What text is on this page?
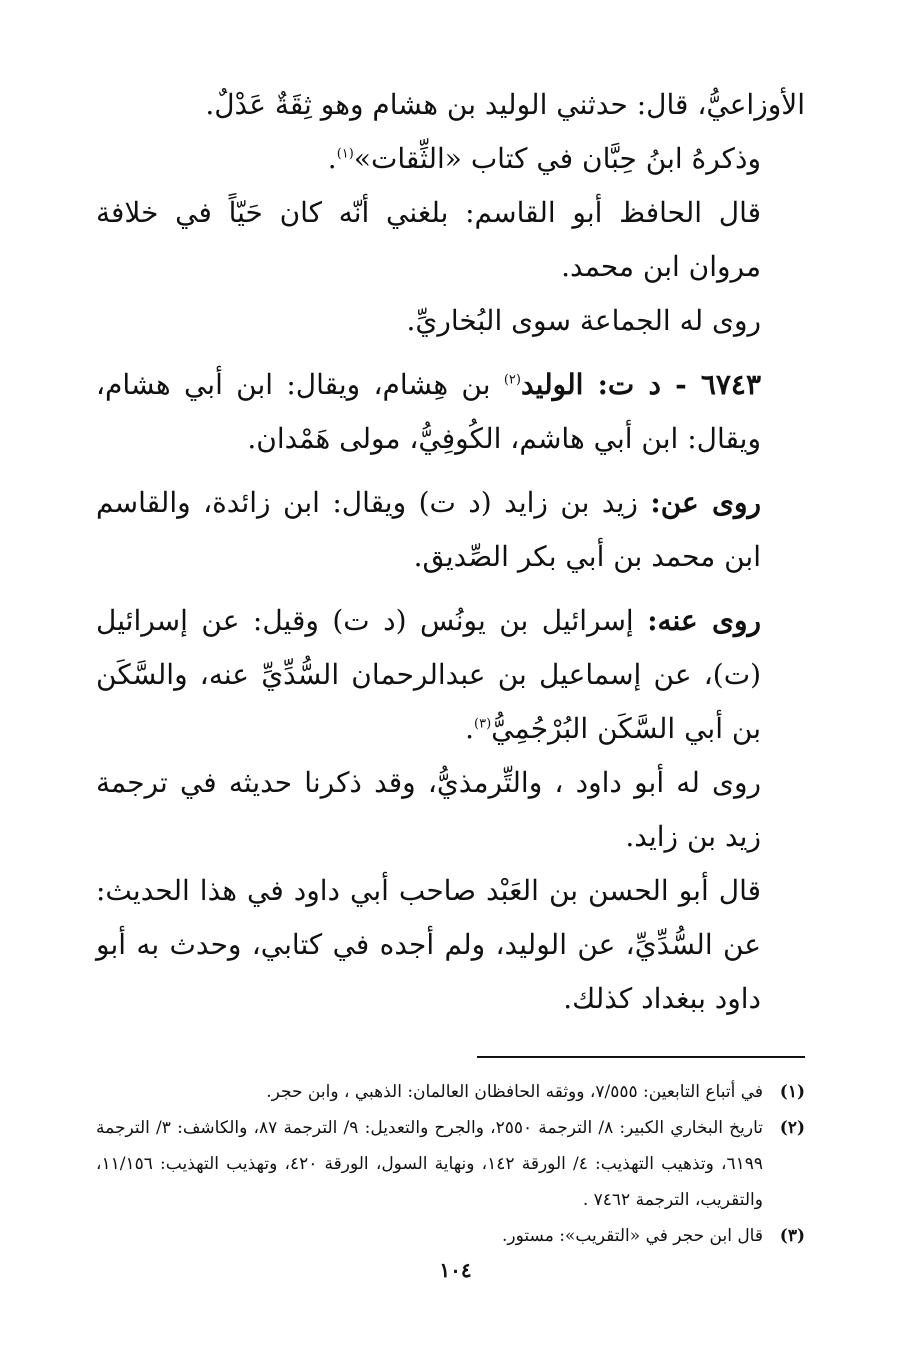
الأوزاعيُّ، قال: حدثني الوليد بن هشام وهو ثِقَةٌ عَدْلٌ.

وذكرهُ ابنُ حِبَّان في كتاب «الثِّقات»$^{(١)}$.

قال الحافظ أبو القاسم: بلغني أنّه كان حَيّاً في خلافة مروان ابن محمد.

روى له الجماعة سوى البُخاريِّ.

٦٧٤٣ - د ت: الوليد$^{(٢)}$ بن هِشام، ويقال: ابن أبي هشام، ويقال: ابن أبي هاشم، الكُوفِيُّ، مولى هَمْدان.

روى عن: زيد بن زايد (د ت) ويقال: ابن زائدة، والقاسم ابن محمد بن أبي بكر الصِّديق.

روى عنه: إسرائيل بن يونُس (د ت) وقيل: عن إسرائيل (ت)، عن إسماعيل بن عبدالرحمان السُّدِّيِّ عنه، والسَّكَن بن أبي السَّكَن البُرْجُمِيُّ$^{(٣)}$.

روى له أبو داود ، والتِّرمذيُّ، وقد ذكرنا حديثه في ترجمة زيد بن زايد.

قال أبو الحسن بن العَبْد صاحب أبي داود في هذا الحديث: عن السُّدِّيِّ، عن الوليد، ولم أجده في كتابي، وحدث به أبو داود ببغداد كذلك.

(١)
في أتباع التابعين: ٧/٥٥٥، ووثقه الحافظان العالمان: الذهبي ، وابن حجر.
(٢)
تاريخ البخاري الكبير: ٨/ الترجمة ٢٥٥٠، والجرح والتعديل: ٩/ الترجمة ٨٧، والكاشف: ٣/ الترجمة ٦١٩٩، وتذهيب التهذيب: ٤/ الورقة ١٤٢، ونهاية السول، الورقة ٤٢٠، وتهذيب التهذيب: ١١/١٥٦، والتقريب، الترجمة ٧٤٦٢ .
(٣)
قال ابن حجر في «التقريب»: مستور.
١٠٤
